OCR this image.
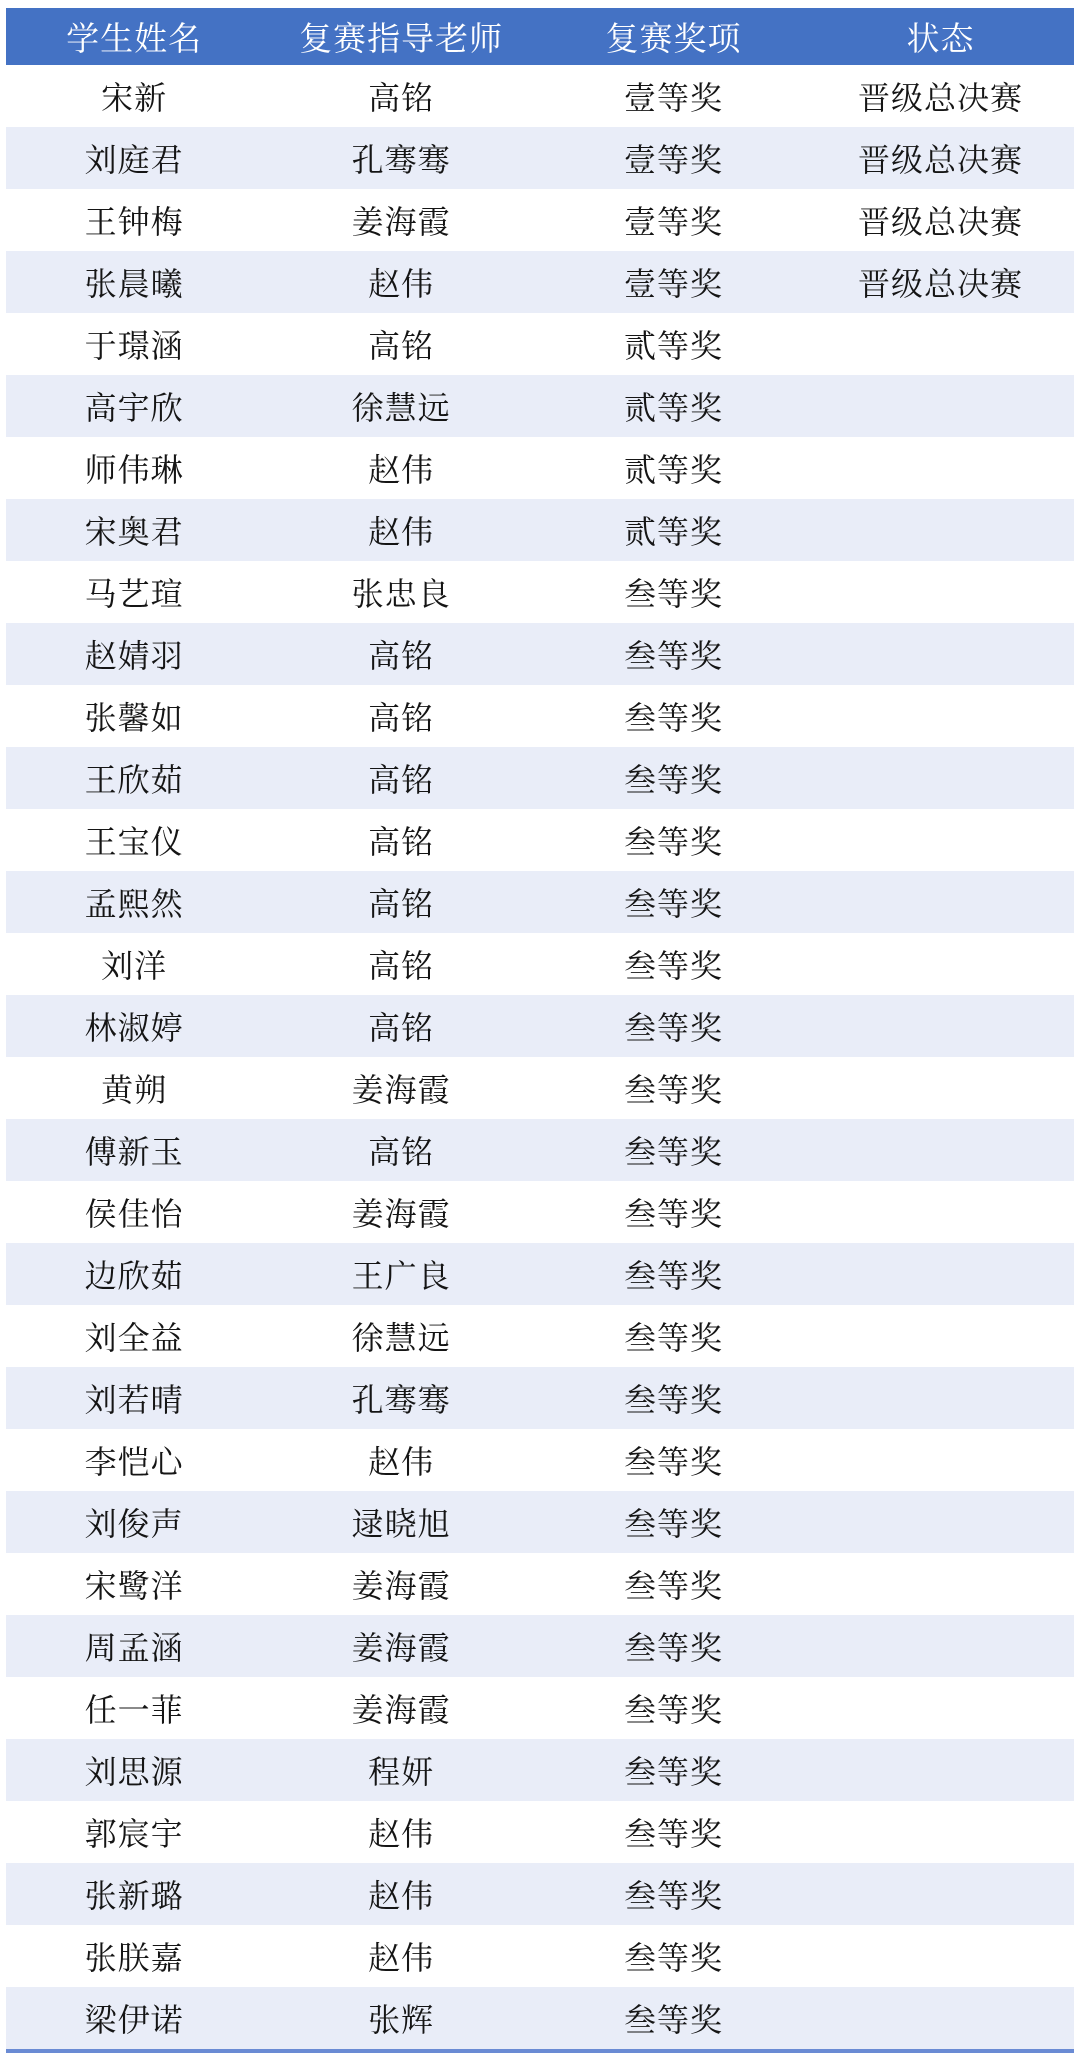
学生姓名	复赛指导老师	复赛奖项	状态
宋新	高铭	壹等奖	晋级总决赛
刘庭君	孔骞骞	壹等奖	晋级总决赛
王钟梅	姜海霞	壹等奖	晋级总决赛
张晨曦	赵伟	壹等奖	晋级总决赛
于璟涵	高铭	贰等奖	
高宇欣	徐慧远	贰等奖	
师伟琳	赵伟	贰等奖	
宋奥君	赵伟	贰等奖	
马艺瑄	张忠良	叁等奖	
赵婧羽	高铭	叁等奖	
张馨如	高铭	叁等奖	
王欣茹	高铭	叁等奖	
王宝仪	高铭	叁等奖	
孟熙然	高铭	叁等奖	
刘洋	高铭	叁等奖	
林淑婷	高铭	叁等奖	
黄朔	姜海霞	叁等奖	
傅新玉	高铭	叁等奖	
侯佳怡	姜海霞	叁等奖	
边欣茹	王广良	叁等奖	
刘全益	徐慧远	叁等奖	
刘若晴	孔骞骞	叁等奖	
李恺心	赵伟	叁等奖	
刘俊声	逯晓旭	叁等奖	
宋鹭洋	姜海霞	叁等奖	
周孟涵	姜海霞	叁等奖	
任一菲	姜海霞	叁等奖	
刘思源	程妍	叁等奖	
郭宸宇	赵伟	叁等奖	
张新璐	赵伟	叁等奖	
张朕嘉	赵伟	叁等奖	
梁伊诺	张辉	叁等奖	
